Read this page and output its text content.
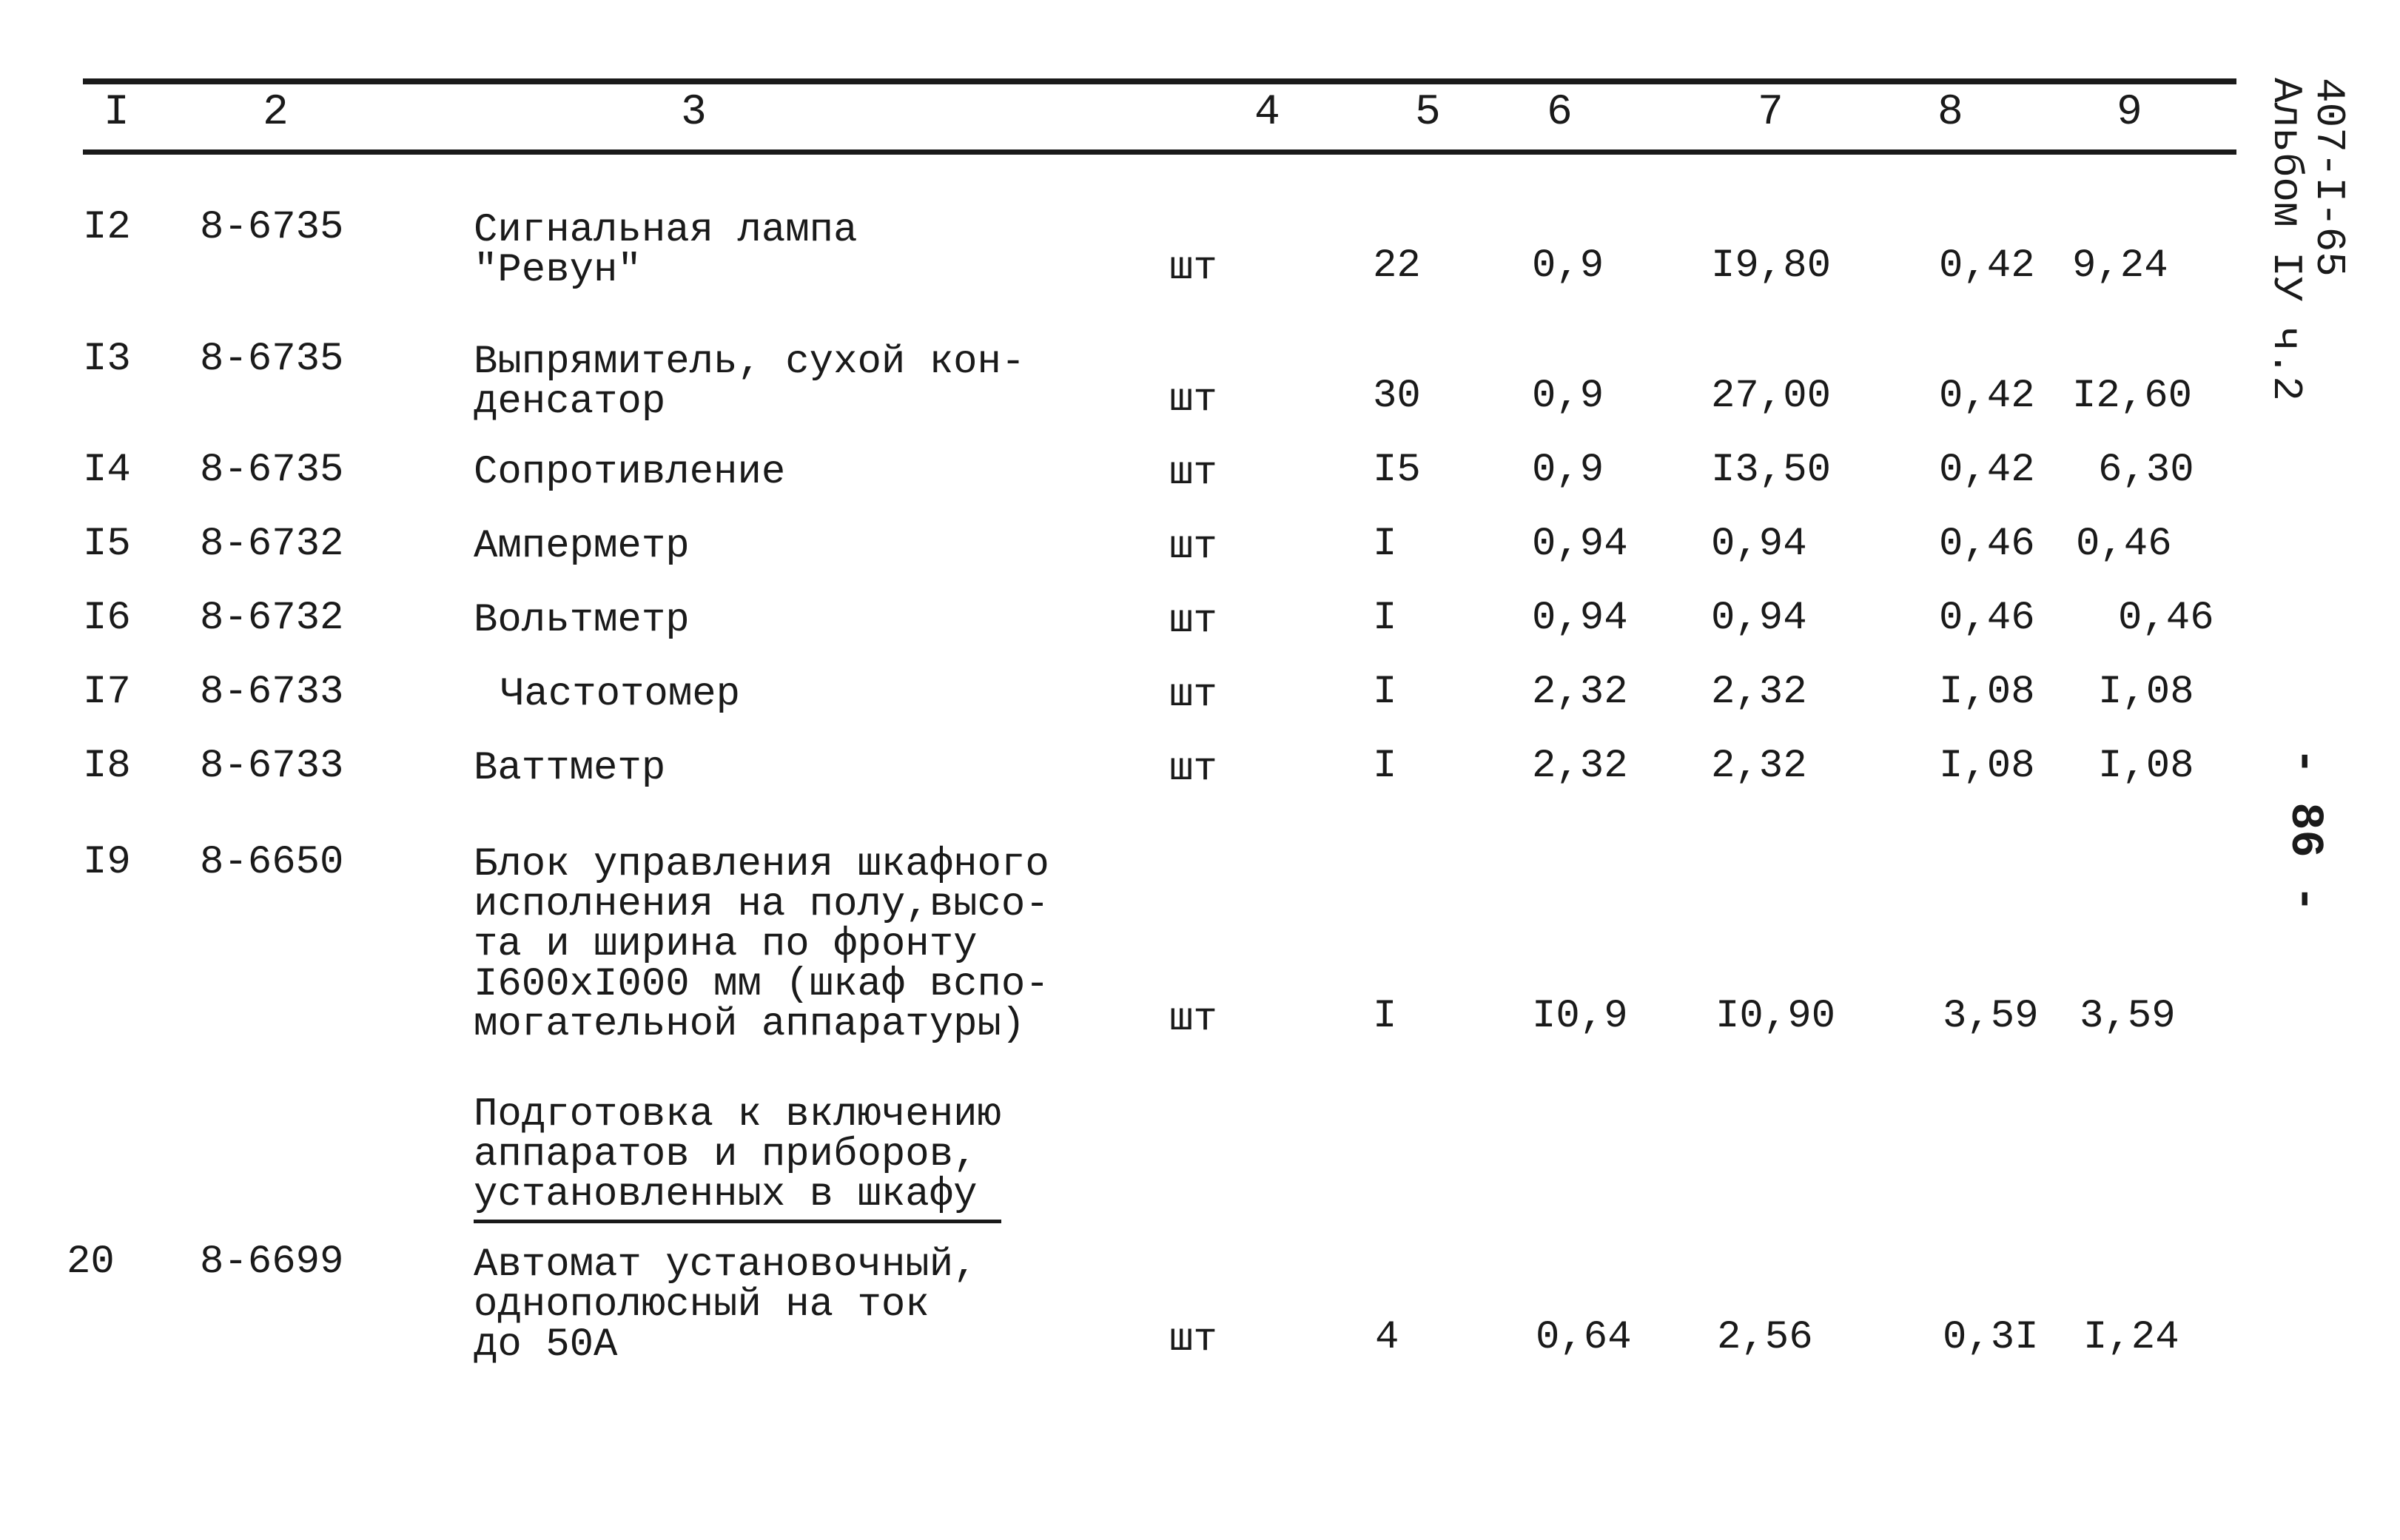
I	2	3	4	5 6	7	8	9
I2 8-6735	Сигнальная лампа
"Ревун"	шт	22	0,9	I9,80	0,42 9,24
I3 8-6735	Выпрямитель, сухой кон-
денсатор	шт	30	0,9	27,00	0,42 I2,60
I4 8-6735	Сопротивление	шт	I5	0,9	I3,50	0,42 6,30
I5 8-6732	Амперметр	шт	I	0,94 0,94	0,46 0,46
I6 8-6732	Вольтметр	шт	I	0,94 0,94	0,46 0,46
I7 8-6733	Частотомер	шт	I	2,32 2,32	I,08 I,08
I8 8-6733	Ваттметр	шт	I	2,32 2,32	I,08 I,08
I9 8-6650	Блок управления шкафного
исполнения на полу,высо-
та и ширина по фронту
I600xI000 мм (шкаф вспо-
могательной аппаратуры)	шт	I	I0,9 I0,90	3,59 3,59
Подготовка к включению
аппаратов и приборов,
установленных в шкафу
20 8-6699	Автомат установочный,
однополюсный на ток
до 50А	шт	4	0,64 2,56	0,3I I,24
407-I-65
Альбом IУ ч.2
- 86 -
